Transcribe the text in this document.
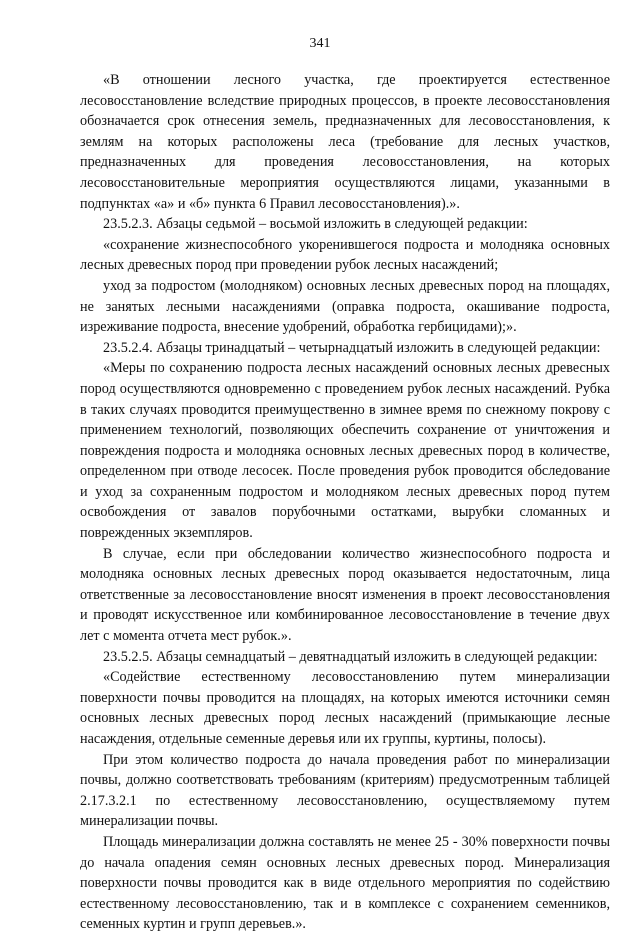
341

«В отношении лесного участка, где проектируется естественное лесовосстановление вследствие природных процессов, в проекте лесовосстановления обозначается срок отнесения земель, предназначенных для лесовосстановления, к землям на которых расположены леса (требование для лесных участков, предназначенных для проведения лесовосстановления, на которых лесовосстановительные мероприятия осуществляются лицами, указанными в подпунктах «а» и «б» пункта 6 Правил лесовосстановления).».

23.5.2.3. Абзацы седьмой – восьмой изложить в следующей редакции:

«сохранение жизнеспособного укоренившегося подроста и молодняка основных лесных древесных пород при проведении рубок лесных насаждений;

уход за подростом (молодняком) основных лесных древесных пород на площадях, не занятых лесными насаждениями (оправка подроста, окашивание подроста, изреживание подроста, внесение удобрений, обработка гербицидами);».

23.5.2.4. Абзацы тринадцатый – четырнадцатый изложить в следующей редакции:

«Меры по сохранению подроста лесных насаждений основных лесных древесных пород осуществляются одновременно с проведением рубок лесных насаждений. Рубка в таких случаях проводится преимущественно в зимнее время по снежному покрову с применением технологий, позволяющих обеспечить сохранение от уничтожения и повреждения подроста и молодняка основных лесных древесных пород в количестве, определенном при отводе лесосек. После проведения рубок проводится обследование и уход за сохраненным подростом и молодняком лесных древесных пород путем освобождения от завалов порубочными остатками, вырубки сломанных и поврежденных экземпляров.

В случае, если при обследовании количество жизнеспособного подроста и молодняка основных лесных древесных пород оказывается недостаточным, лица ответственные за лесовосстановление вносят изменения в проект лесовосстановления и проводят искусственное или комбинированное лесовосстановление в течение двух лет с момента отчета мест рубок.».

23.5.2.5. Абзацы семнадцатый – девятнадцатый изложить в следующей редакции:

«Содействие естественному лесовосстановлению путем минерализации поверхности почвы проводится на площадях, на которых имеются источники семян основных лесных древесных пород лесных насаждений (примыкающие лесные насаждения, отдельные семенные деревья или их группы, куртины, полосы).

При этом количество подроста до начала проведения работ по минерализации почвы, должно соответствовать требованиям (критериям) предусмотренным таблицей 2.17.3.2.1 по естественному лесовосстановлению, осуществляемому путем минерализации почвы.

Площадь минерализации должна составлять не менее 25 - 30% поверхности почвы до начала опадения семян основных лесных древесных пород. Минерализация поверхности почвы проводится как в виде отдельного мероприятия по содействию естественному лесовосстановлению, так и в комплексе с сохранением семенников, семенных куртин и групп деревьев.».
